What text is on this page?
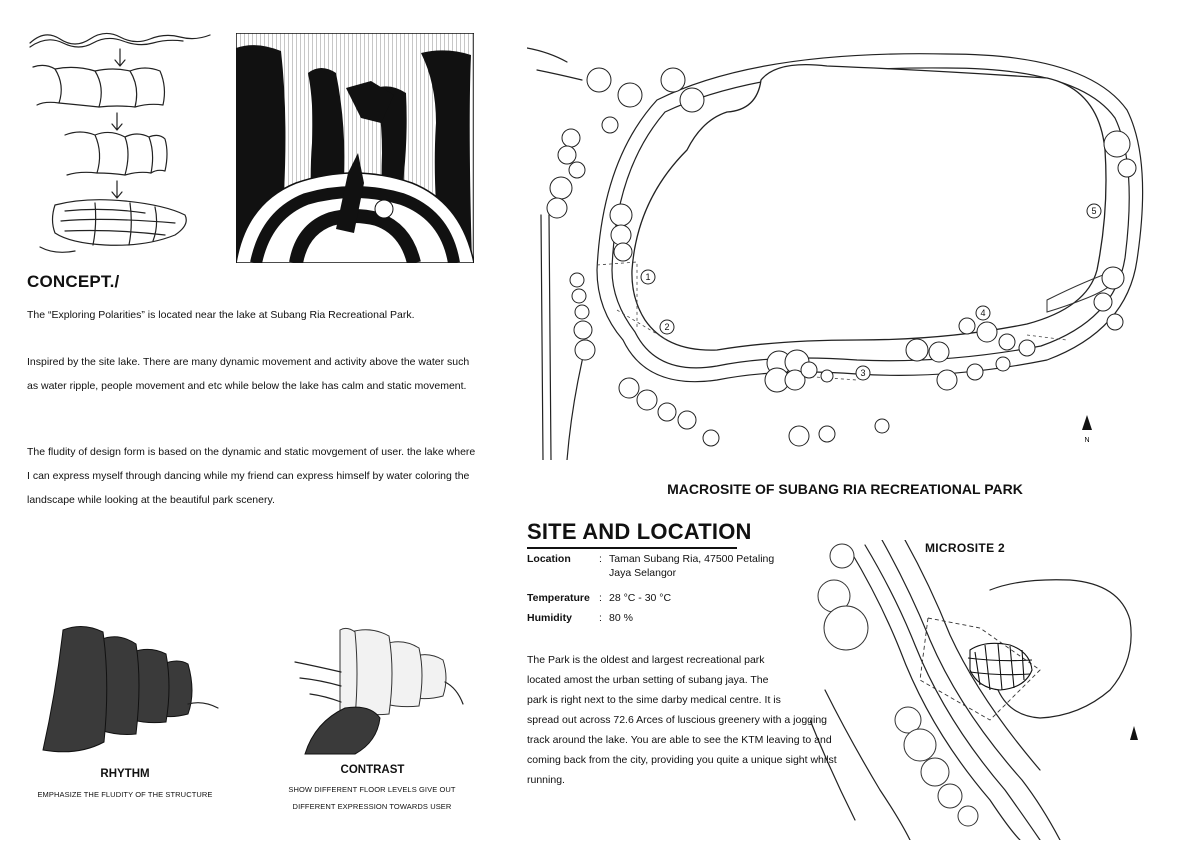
CONCEPT./

The “Exploring Polarities” is located near the lake at Subang Ria Recreational Park.

Inspired by the site lake. There are many dynamic movement and activity above the water such as water ripple, people movement and etc while below the lake has calm and static movement.

The fludity of design form is based on the dynamic and static movgement of user. the lake where I can express myself through dancing while my friend can express himself by water coloring the landscape while looking at the beautiful park scenery.

RHYTHM

EMPHASIZE THE FLUDITY OF THE STRUCTURE

CONTRAST

SHOW DIFFERENT FLOOR LEVELS GIVE OUT

DIFFERENT EXPRESSION TOWARDS USER

1
2
3
4
5
N

MACROSITE OF SUBANG RIA RECREATIONAL PARK

SITE AND LOCATION
Location	: Taman Subang Ria, 47500 Petaling
Jaya Selangor
Temperature : 28 °C - 30 °C
Humidity	: 80 %
The Park is the oldest and largest recreational park
located amost the urban setting of subang jaya. The
park is right next to the sime darby medical centre. It is
spread out across 72.6 Arces of luscious greenery with a jogging
track around the lake. You are able to see the KTM leaving to and
coming back from the city, providing you quite a unique sight whilst
running.

MICROSITE 2
